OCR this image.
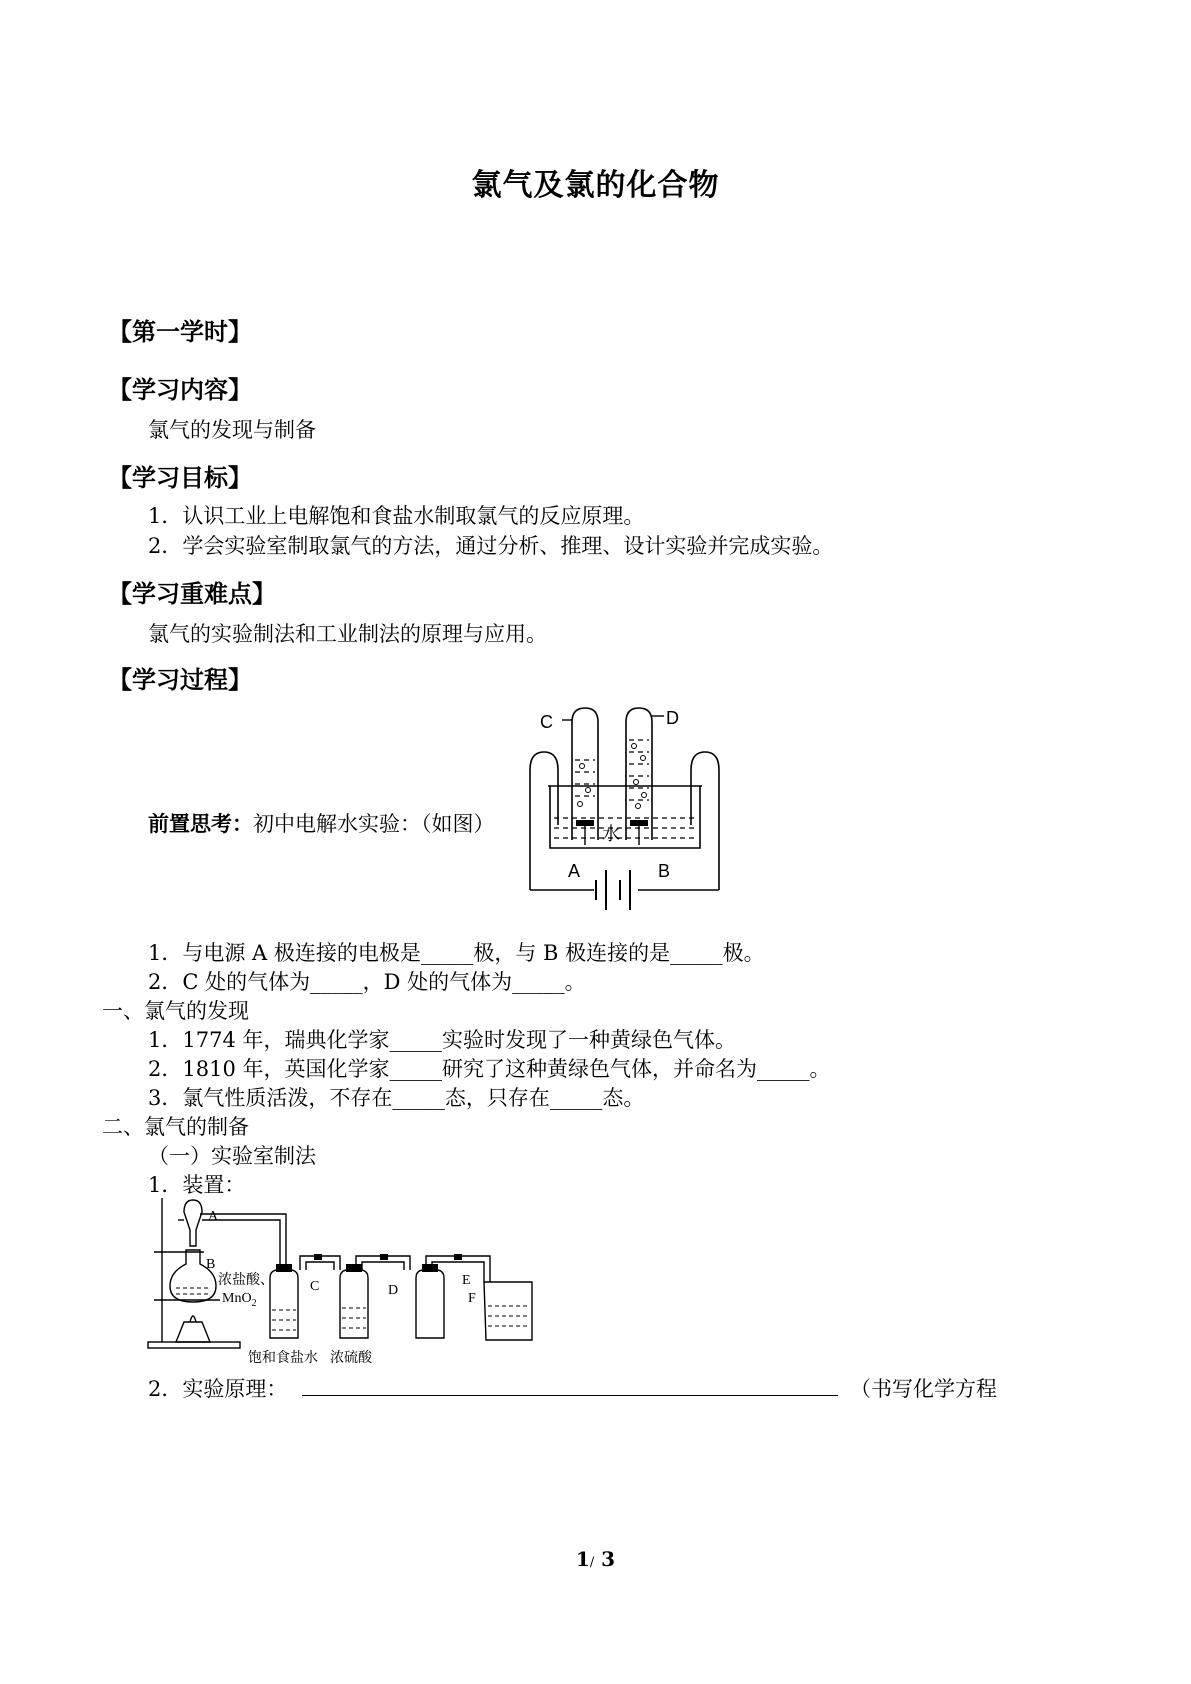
氯气及氯的化合物
【第一学时】
【学习内容】
氯气的发现与制备
【学习目标】
1．认识工业上电解饱和食盐水制取氯气的反应原理。
2．学会实验室制取氯气的方法，通过分析、推理、设计实验并完成实验。
【学习重难点】
氯气的实验制法和工业制法的原理与应用。
【学习过程】
前置思考：初中电解水实验：（如图）
C	D
A	B
水
1．与电源 A 极连接的电极是_____极，与 B 极连接的是_____极。
2．C 处的气体为_____，D 处的气体为_____。
一、氯气的发现
1．1774 年，瑞典化学家_____实验时发现了一种黄绿色气体。
2．1810 年，英国化学家_____研究了这种黄绿色气体，并命名为_____。
3．氯气性质活泼，不存在_____态，只存在_____态。
二、氯气的制备
（一）实验室制法
1．装置：
A
B
C	D
E
F
浓盐酸、
MnO$_2$
饱和食盐水 浓硫酸
2．实验原理：	（书写化学方程
1/ 3
